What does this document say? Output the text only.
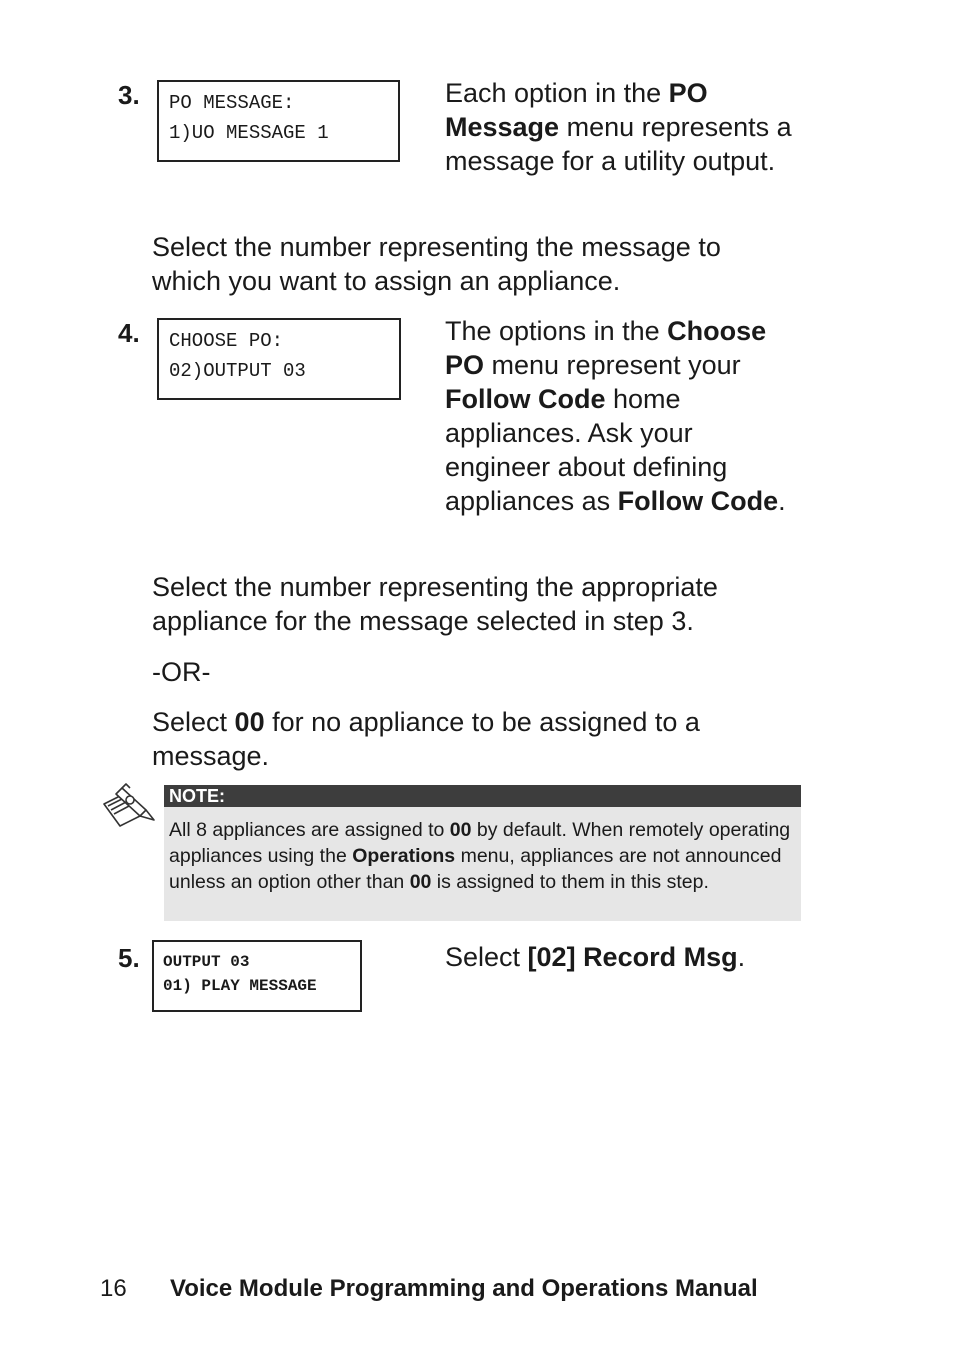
3.	PO MESSAGE:
1)UO MESSAGE 1
Each option in the PO Message menu represents a message for a utility output.
Select the number representing the message to which you want to assign an appliance.
4.	CHOOSE PO:
02)OUTPUT 03
The options in the Choose PO menu represent your Follow Code home appliances. Ask your engineer about defining appliances as Follow Code.
Select the number representing the appropriate appliance for the message selected in step 3.
-OR-
Select 00 for no appliance to be assigned to a message.
NOTE:
All 8 appliances are assigned to 00 by default. When remotely operating appliances using the Operations menu, appliances are not announced unless an option other than 00 is assigned to them in this step.
5.	OUTPUT 03
01) PLAY MESSAGE
Select [02] Record Msg.
16 Voice Module Programming and Operations Manual
